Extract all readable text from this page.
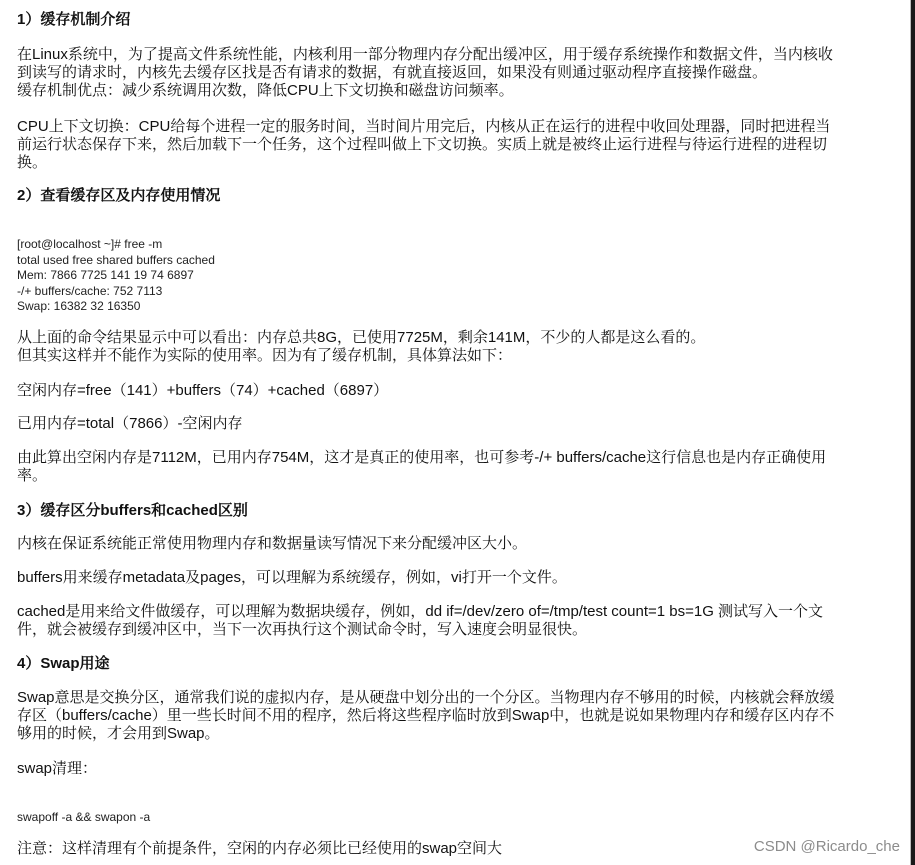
1）缓存机制介绍
在Linux系统中，为了提高文件系统性能，内核利用一部分物理内存分配出缓冲区，用于缓存系统操作和数据文件，当内核收
到读写的请求时，内核先去缓存区找是否有请求的数据，有就直接返回，如果没有则通过驱动程序直接操作磁盘。
缓存机制优点：减少系统调用次数，降低CPU上下文切换和磁盘访问频率。
CPU上下文切换：CPU给每个进程一定的服务时间，当时间片用完后，内核从正在运行的进程中收回处理器，同时把进程当
前运行状态保存下来，然后加载下一个任务，这个过程叫做上下文切换。实质上就是被终止运行进程与待运行进程的进程切
换。
2）查看缓存区及内存使用情况
[root@localhost ~]# free -m
total used free shared buffers cached
Mem: 7866 7725 141 19 74 6897
-/+ buffers/cache: 752 7113
Swap: 16382 32 16350
从上面的命令结果显示中可以看出：内存总共8G，已使用7725M，剩余141M，不少的人都是这么看的。
但其实这样并不能作为实际的使用率。因为有了缓存机制，具体算法如下：
空闲内存=free（141）+buffers（74）+cached（6897）
已用内存=total（7866）-空闲内存
由此算出空闲内存是7112M，已用内存754M，这才是真正的使用率，也可参考-/+ buffers/cache这行信息也是内存正确使用
率。
3）缓存区分buffers和cached区别
内核在保证系统能正常使用物理内存和数据量读写情况下来分配缓冲区大小。
buffers用来缓存metadata及pages，可以理解为系统缓存，例如，vi打开一个文件。
cached是用来给文件做缓存，可以理解为数据块缓存，例如，dd if=/dev/zero of=/tmp/test count=1 bs=1G 测试写入一个文
件，就会被缓存到缓冲区中，当下一次再执行这个测试命令时，写入速度会明显很快。
4）Swap用途
Swap意思是交换分区，通常我们说的虚拟内存，是从硬盘中划分出的一个分区。当物理内存不够用的时候，内核就会释放缓
存区（buffers/cache）里一些长时间不用的程序，然后将这些程序临时放到Swap中，也就是说如果物理内存和缓存区内存不
够用的时候，才会用到Swap。
swap清理：
swapoff -a && swapon -a
注意：这样清理有个前提条件，空闲的内存必须比已经使用的swap空间大	CSDN @Ricardo_che
